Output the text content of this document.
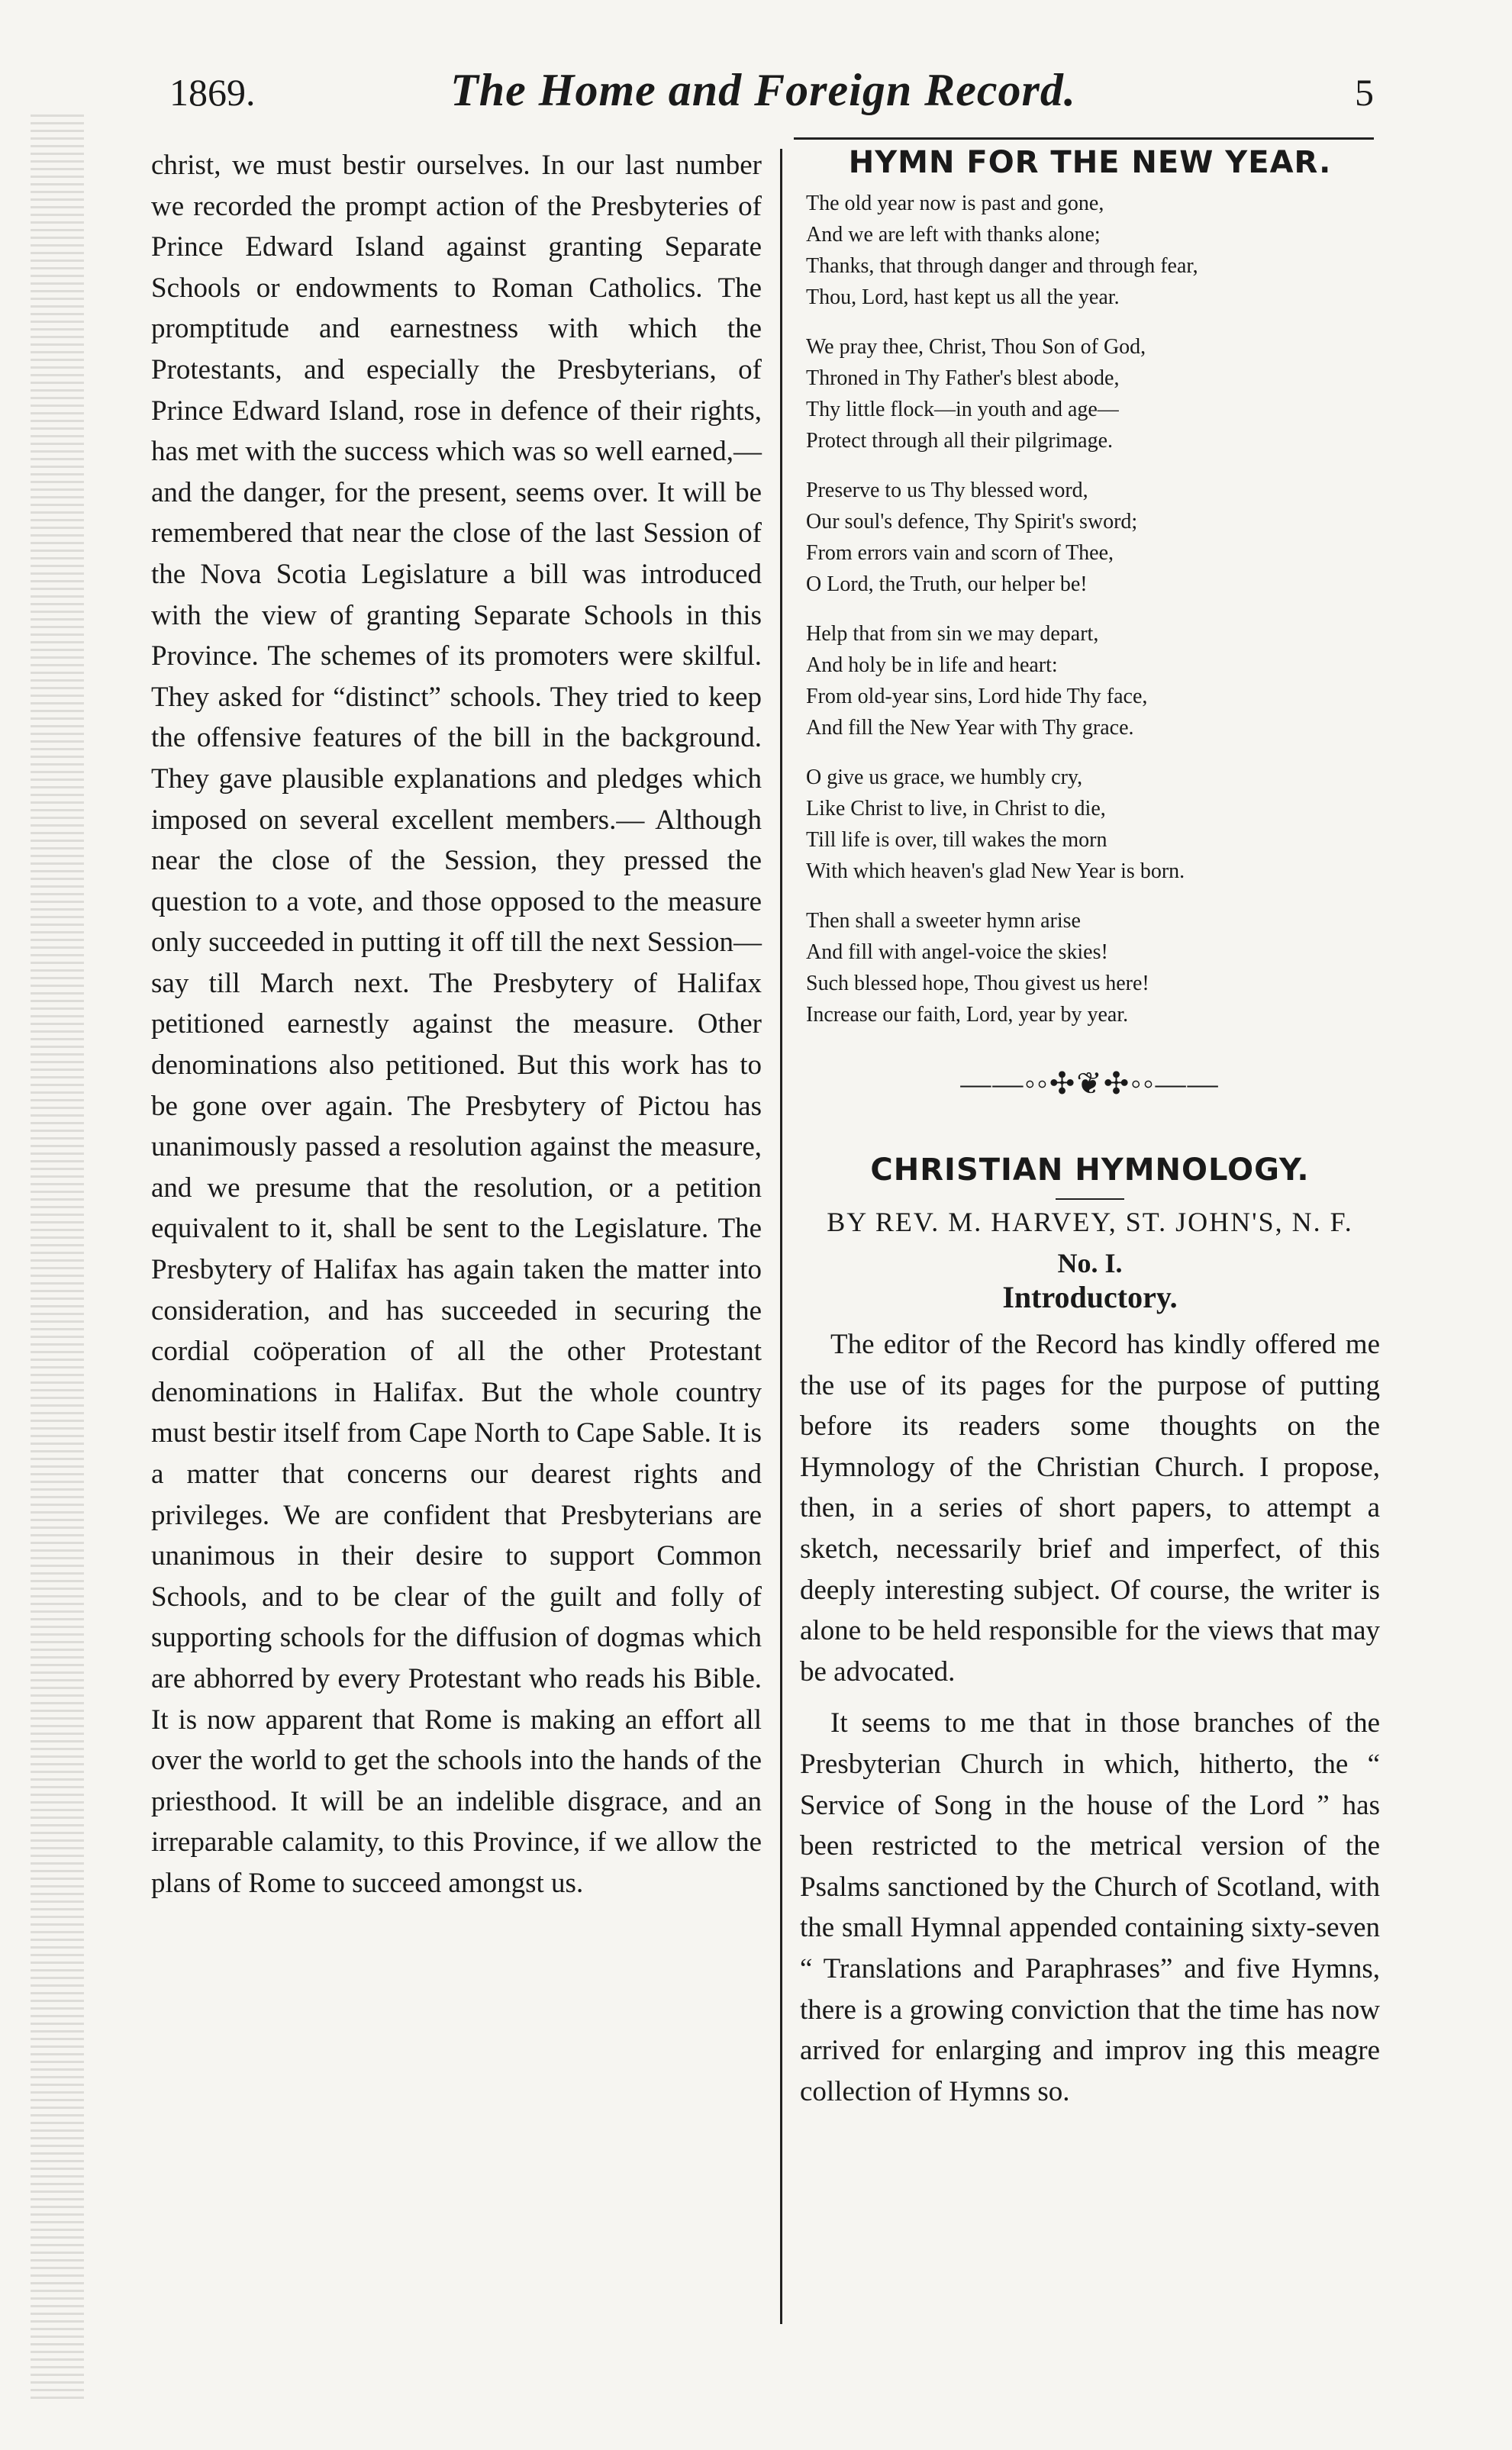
1869.	The Home and Foreign Record.	5

christ, we must bestir ourselves. In our last number we recorded the prompt action of the Presbyteries of Prince Edward Island against granting Separate Schools or endowments to Roman Catholics. The promptitude and earnestness with which the Protestants, and especially the Presbyterians, of Prince Edward Island, rose in defence of their rights, has met with the success which was so well earned,—and the danger, for the present, seems over. It will be remembered that near the close of the last Session of the Nova Scotia Legislature a bill was introduced with the view of granting Separate Schools in this Province. The schemes of its promoters were skilful. They asked for “distinct” schools. They tried to keep the offensive features of the bill in the background. They gave plausible explanations and pledges which imposed on several excellent members.— Although near the close of the Session, they pressed the question to a vote, and those opposed to the measure only succeeded in putting it off till the next Session—say till March next. The Presbytery of Halifax petitioned earnestly against the measure. Other denominations also petitioned. But this work has to be gone over again. The Presbytery of Pictou has unanimously passed a resolution against the measure, and we presume that the resolution, or a petition equivalent to it, shall be sent to the Legislature. The Presbytery of Halifax has again taken the matter into consideration, and has succeeded in securing the cordial coöperation of all the other Protestant denominations in Halifax. But the whole country must bestir itself from Cape North to Cape Sable. It is a matter that concerns our dearest rights and privileges. We are confident that Presbyterians are unanimous in their desire to support Common Schools, and to be clear of the guilt and folly of supporting schools for the diffusion of dogmas which are abhorred by every Protestant who reads his Bible. It is now apparent that Rome is making an effort all over the world to get the schools into the hands of the priesthood. It will be an indelible disgrace, and an irreparable calamity, to this Province, if we allow the plans of Rome to succeed amongst us.

HYMN FOR THE NEW YEAR.
The old year now is past and gone,
And we are left with thanks alone;
Thanks, that through danger and through fear,
Thou, Lord, hast kept us all the year.
We pray thee, Christ, Thou Son of God,
Throned in Thy Father's blest abode,
Thy little flock—in youth and age—
Protect through all their pilgrimage.
Preserve to us Thy blessed word,
Our soul's defence, Thy Spirit's sword;
From errors vain and scorn of Thee,
O Lord, the Truth, our helper be!
Help that from sin we may depart,
And holy be in life and heart:
From old-year sins, Lord hide Thy face,
And fill the New Year with Thy grace.
O give us grace, we humbly cry,
Like Christ to live, in Christ to die,
Till life is over, till wakes the morn
With which heaven's glad New Year is born.
Then shall a sweeter hymn arise
And fill with angel-voice the skies!
Such blessed hope, Thou givest us here!
Increase our faith, Lord, year by year.
——◦◦✣❦✣◦◦——
CHRISTIAN HYMNOLOGY.
BY REV. M. HARVEY, ST. JOHN'S, N. F.
No. I.
Introductory.

The editor of the Record has kindly offered me the use of its pages for the purpose of putting before its readers some thoughts on the Hymnology of the Christian Church. I propose, then, in a series of short papers, to attempt a sketch, necessarily brief and imperfect, of this deeply interesting subject. Of course, the writer is alone to be held responsible for the views that may be advocated.

It seems to me that in those branches of the Presbyterian Church in which, hitherto, the “ Service of Song in the house of the Lord ” has been restricted to the metrical version of the Psalms sanctioned by the Church of Scotland, with the small Hymnal appended containing sixty-seven “ Translations and Paraphrases” and five Hymns, there is a growing conviction that the time has now arrived for enlarging and improv ing this meagre collection of Hymns so.
